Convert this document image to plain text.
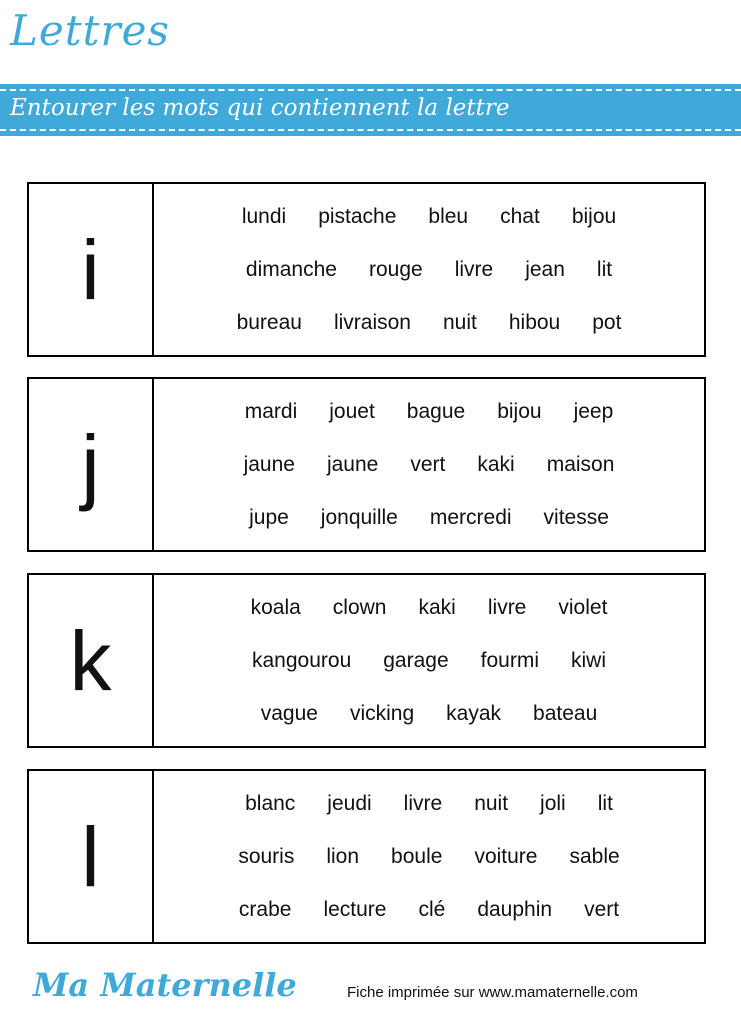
Lettres
Entourer les mots qui contiennent la lettre
i
lundi pistache bleu chat bijou
dimanche rouge livre jean lit
bureau livraison nuit hibou pot
j
mardi jouet bague bijou jeep
jaune jaune vert kaki maison
jupe jonquille mercredi vitesse
k
koala clown kaki livre violet
kangourou garage fourmi kiwi
vague vicking kayak bateau
l
blanc jeudi livre nuit joli lit
souris lion boule voiture sable
crabe lecture clé dauphin vert
Ma Maternelle	Fiche imprimée sur www.mamaternelle.com
